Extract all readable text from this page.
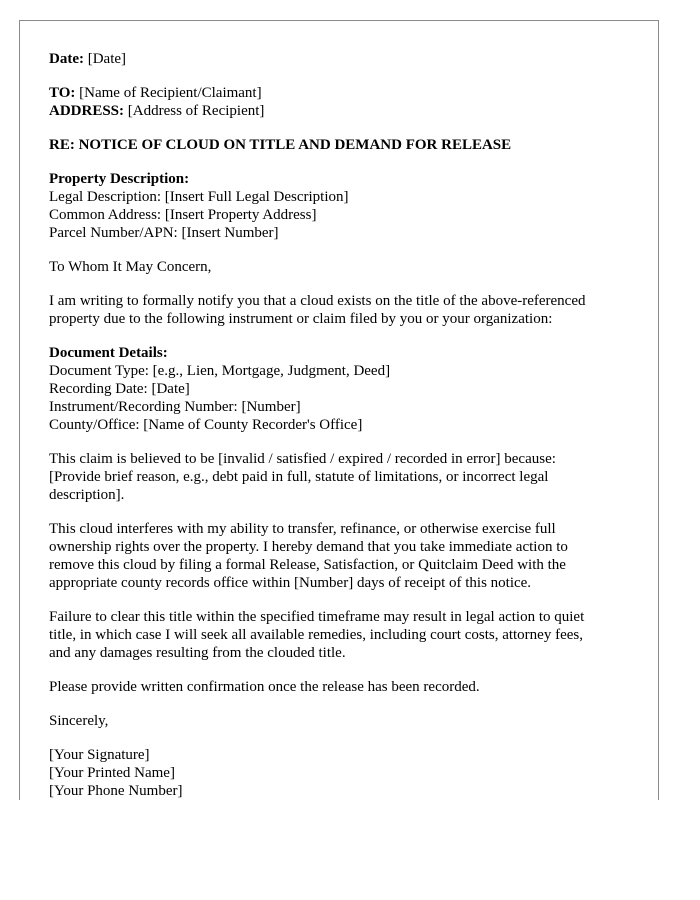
Date: [Date]

TO: [Name of Recipient/Claimant]
ADDRESS: [Address of Recipient]

RE: NOTICE OF CLOUD ON TITLE AND DEMAND FOR RELEASE

Property Description:
Legal Description: [Insert Full Legal Description]
Common Address: [Insert Property Address]
Parcel Number/APN: [Insert Number]

To Whom It May Concern,

I am writing to formally notify you that a cloud exists on the title of the above-referenced
property due to the following instrument or claim filed by you or your organization:

Document Details:
Document Type: [e.g., Lien, Mortgage, Judgment, Deed]
Recording Date: [Date]
Instrument/Recording Number: [Number]
County/Office: [Name of County Recorder's Office]

This claim is believed to be [invalid / satisfied / expired / recorded in error] because:
[Provide brief reason, e.g., debt paid in full, statute of limitations, or incorrect legal
description].

This cloud interferes with my ability to transfer, refinance, or otherwise exercise full
ownership rights over the property. I hereby demand that you take immediate action to
remove this cloud by filing a formal Release, Satisfaction, or Quitclaim Deed with the
appropriate county records office within [Number] days of receipt of this notice.

Failure to clear this title within the specified timeframe may result in legal action to quiet
title, in which case I will seek all available remedies, including court costs, attorney fees,
and any damages resulting from the clouded title.

Please provide written confirmation once the release has been recorded.

Sincerely,

[Your Signature]
[Your Printed Name]
[Your Phone Number]
